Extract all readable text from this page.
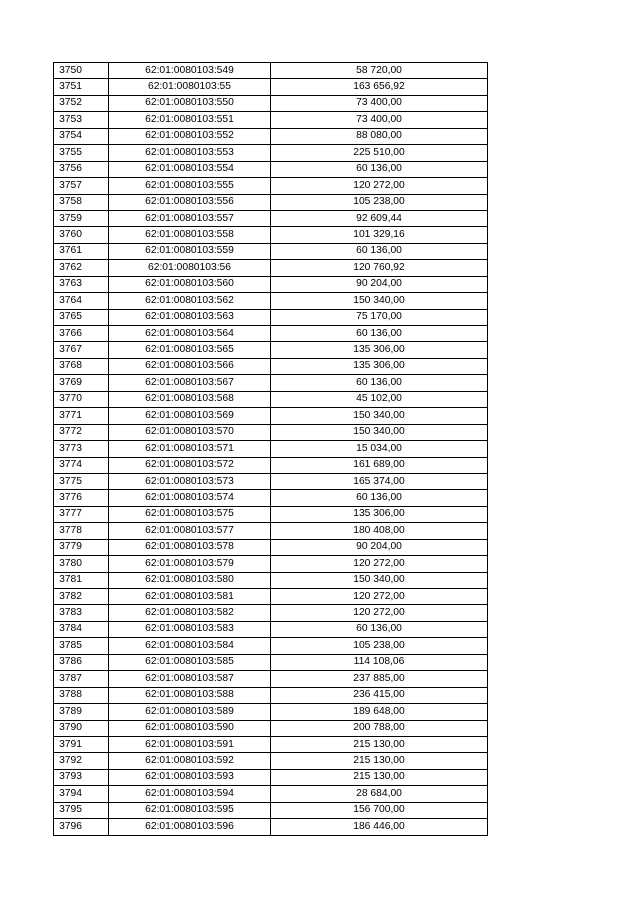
3750	62:01:0080103:549	58 720,00
3751	62:01:0080103:55	163 656,92
3752	62:01:0080103:550	73 400,00
3753	62:01:0080103:551	73 400,00
3754	62:01:0080103:552	88 080,00
3755	62:01:0080103:553	225 510,00
3756	62:01:0080103:554	60 136,00
3757	62:01:0080103:555	120 272,00
3758	62:01:0080103:556	105 238,00
3759	62:01:0080103:557	92 609,44
3760	62:01:0080103:558	101 329,16
3761	62:01:0080103:559	60 136,00
3762	62:01:0080103:56	120 760,92
3763	62:01:0080103:560	90 204,00
3764	62:01:0080103:562	150 340,00
3765	62:01:0080103:563	75 170,00
3766	62:01:0080103:564	60 136,00
3767	62:01:0080103:565	135 306,00
3768	62:01:0080103:566	135 306,00
3769	62:01:0080103:567	60 136,00
3770	62:01:0080103:568	45 102,00
3771	62:01:0080103:569	150 340,00
3772	62:01:0080103:570	150 340,00
3773	62:01:0080103:571	15 034,00
3774	62:01:0080103:572	161 689,00
3775	62:01:0080103:573	165 374,00
3776	62:01:0080103:574	60 136,00
3777	62:01:0080103:575	135 306,00
3778	62:01:0080103:577	180 408,00
3779	62:01:0080103:578	90 204,00
3780	62:01:0080103:579	120 272,00
3781	62:01:0080103:580	150 340,00
3782	62:01:0080103:581	120 272,00
3783	62:01:0080103:582	120 272,00
3784	62:01:0080103:583	60 136,00
3785	62:01:0080103:584	105 238,00
3786	62:01:0080103:585	114 108,06
3787	62:01:0080103:587	237 885,00
3788	62:01:0080103:588	236 415,00
3789	62:01:0080103:589	189 648,00
3790	62:01:0080103:590	200 788,00
3791	62:01:0080103:591	215 130,00
3792	62:01:0080103:592	215 130,00
3793	62:01:0080103:593	215 130,00
3794	62:01:0080103:594	28 684,00
3795	62:01:0080103:595	156 700,00
3796	62:01:0080103:596	186 446,00
